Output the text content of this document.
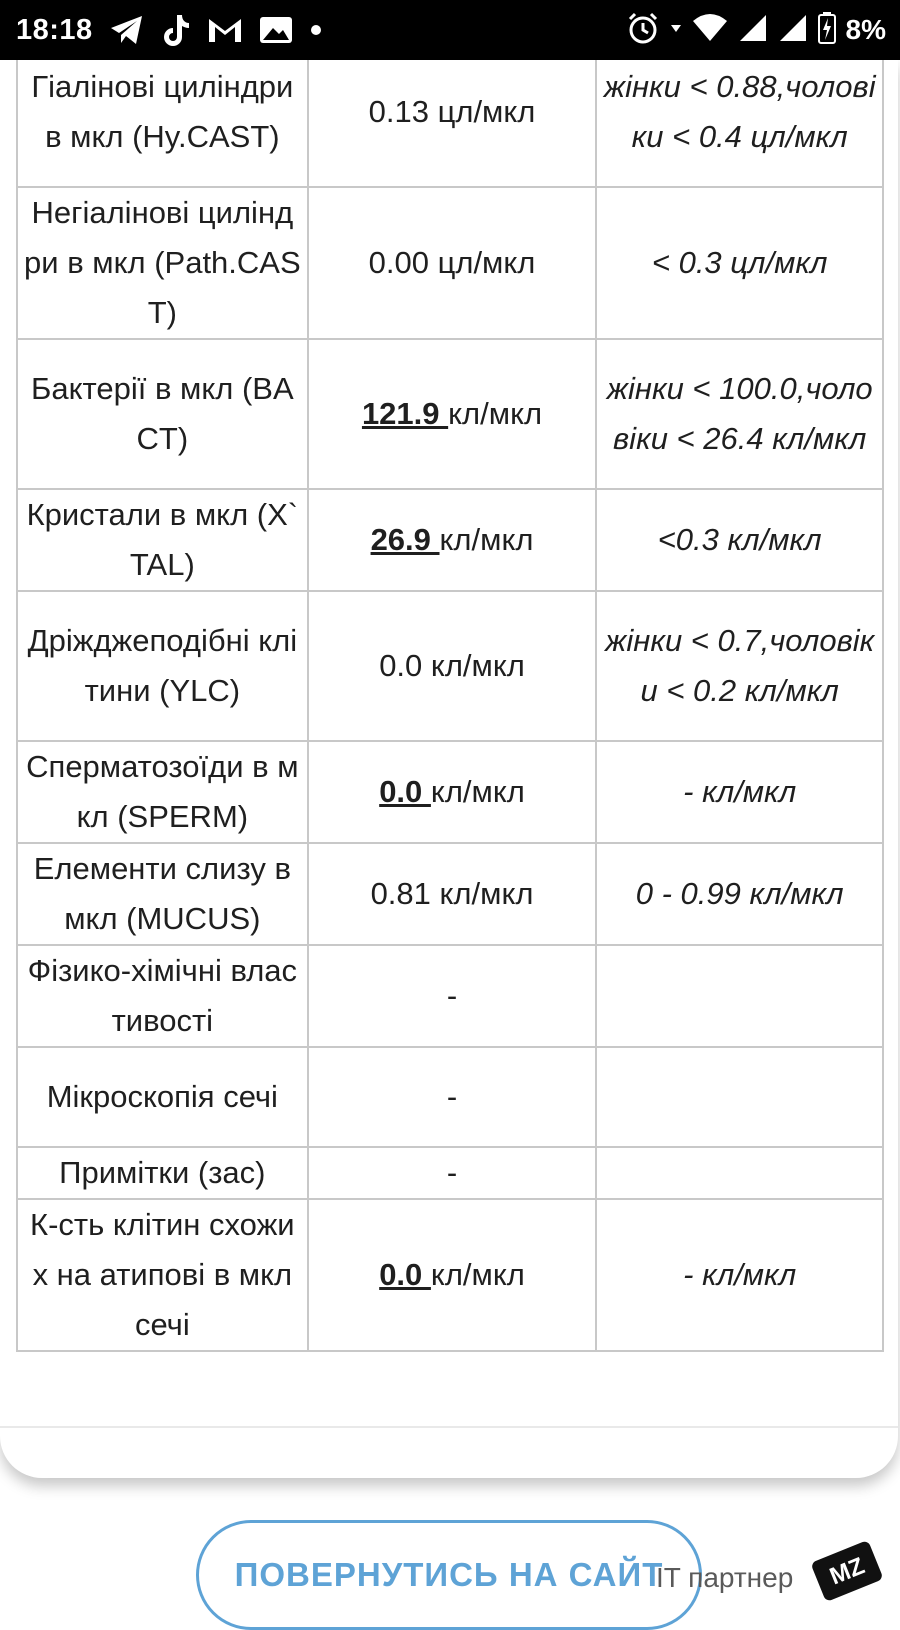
18:18	8%
Гіалінові циліндри в мкл (Hy.CAST)	0.13 цл/мкл	жінки < 0.88,чоловіки < 0.4 цл/мкл
Негіалінові циліндри в мкл (Path.CAST)	0.00 цл/мкл	< 0.3 цл/мкл
Бактерії в мкл (BACT)	121.9 кл/мкл	жінки < 100.0,чоловіки < 26.4 кл/мкл
Кристали в мкл (X`TAL)	26.9 кл/мкл	<0.3 кл/мкл
Дріжджеподібні клітини (YLC)	0.0 кл/мкл	жінки < 0.7,чоловіки < 0.2 кл/мкл
Сперматозоїди в мкл (SPERM)	0.0 кл/мкл	- кл/мкл
Елементи слизу в мкл (MUCUS)	0.81 кл/мкл	0 - 0.99 кл/мкл
Фізико-хімічні властивості	-	
Мікроскопія сечі	-	
Примітки (зас)	-	
К-сть клітин схожих на атипові в мкл сечі	0.0 кл/мкл	- кл/мкл
ПОВЕРНУТИСЬ НА САЙТ
IT партнер MZ
